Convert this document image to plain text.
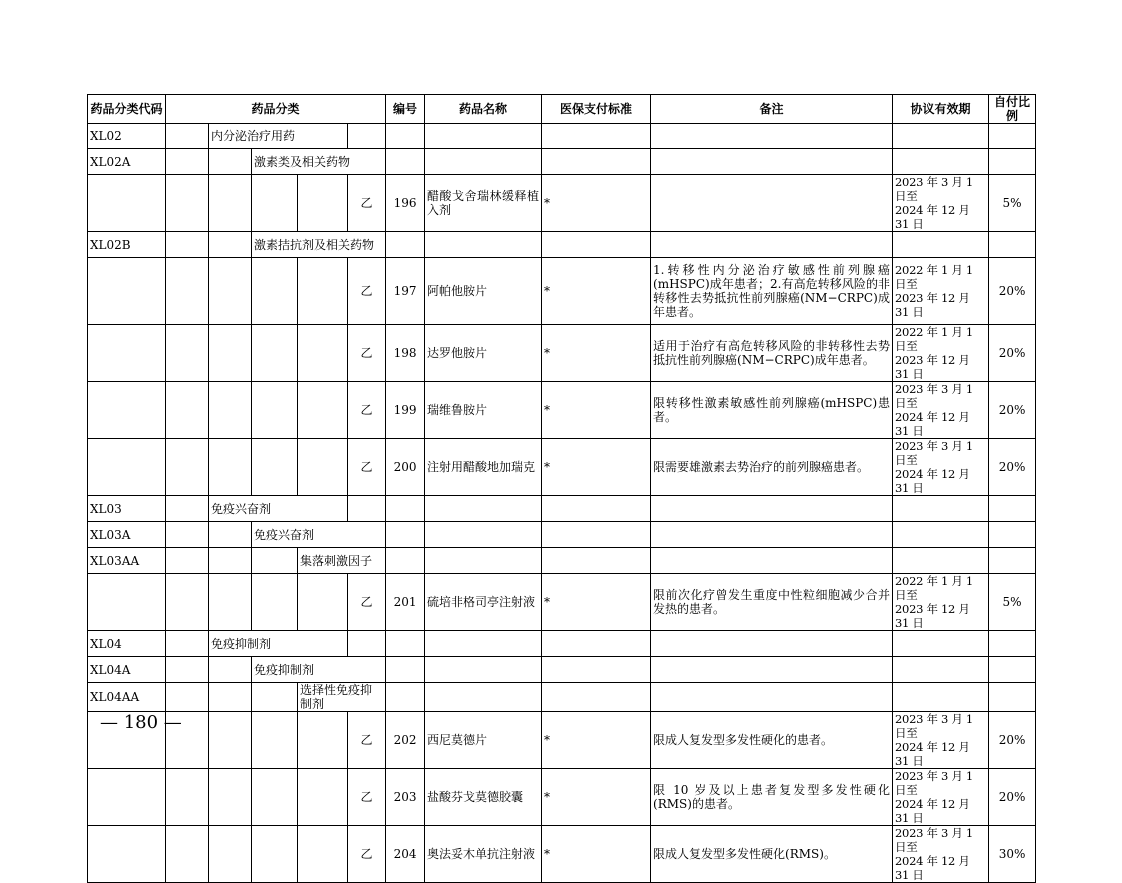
药品分类代码	药品分类					编号	药品名称	医保支付标准	备注	协议有效期	自付比例
XL02		内分泌治疗用药									
XL02A			激素类及相关药物								
					乙	196	醋酸戈舍瑞林缓释植入剂	*		2023 年 3 月 1 日至
2024 年 12 月 31 日	5%
XL02B			激素拮抗剂及相关药物								
					乙	197	阿帕他胺片	*	1.转移性内分泌治疗敏感性前列腺癌(mHSPC)成年患者；2.有高危转移风险的非转移性去势抵抗性前列腺癌(NM−CRPC)成年患者。	2022 年 1 月 1 日至
2023 年 12 月 31 日	20%
					乙	198	达罗他胺片	*	适用于治疗有高危转移风险的非转移性去势抵抗性前列腺癌(NM−CRPC)成年患者。	2022 年 1 月 1 日至
2023 年 12 月 31 日	20%
					乙	199	瑞维鲁胺片	*	限转移性激素敏感性前列腺癌(mHSPC)患者。	2023 年 3 月 1 日至
2024 年 12 月 31 日	20%
					乙	200	注射用醋酸地加瑞克	*	限需要雄激素去势治疗的前列腺癌患者。	2023 年 3 月 1 日至
2024 年 12 月 31 日	20%
XL03		免疫兴奋剂									
XL03A			免疫兴奋剂								
XL03AA				集落刺激因子							
					乙	201	硫培非格司亭注射液	*	限前次化疗曾发生重度中性粒细胞减少合并发热的患者。	2022 年 1 月 1 日至
2023 年 12 月 31 日	5%
XL04		免疫抑制剂									
XL04A			免疫抑制剂								
XL04AA				选择性免疫抑制剂							
					乙	202	西尼莫德片	*	限成人复发型多发性硬化的患者。	2023 年 3 月 1 日至
2024 年 12 月 31 日	20%
					乙	203	盐酸芬戈莫德胶囊	*	限 10 岁及以上患者复发型多发性硬化(RMS)的患者。	2023 年 3 月 1 日至
2024 年 12 月 31 日	20%
					乙	204	奥法妥木单抗注射液	*	限成人复发型多发性硬化(RMS)。	2023 年 3 月 1 日至
2024 年 12 月 31 日	30%
— 180 —
